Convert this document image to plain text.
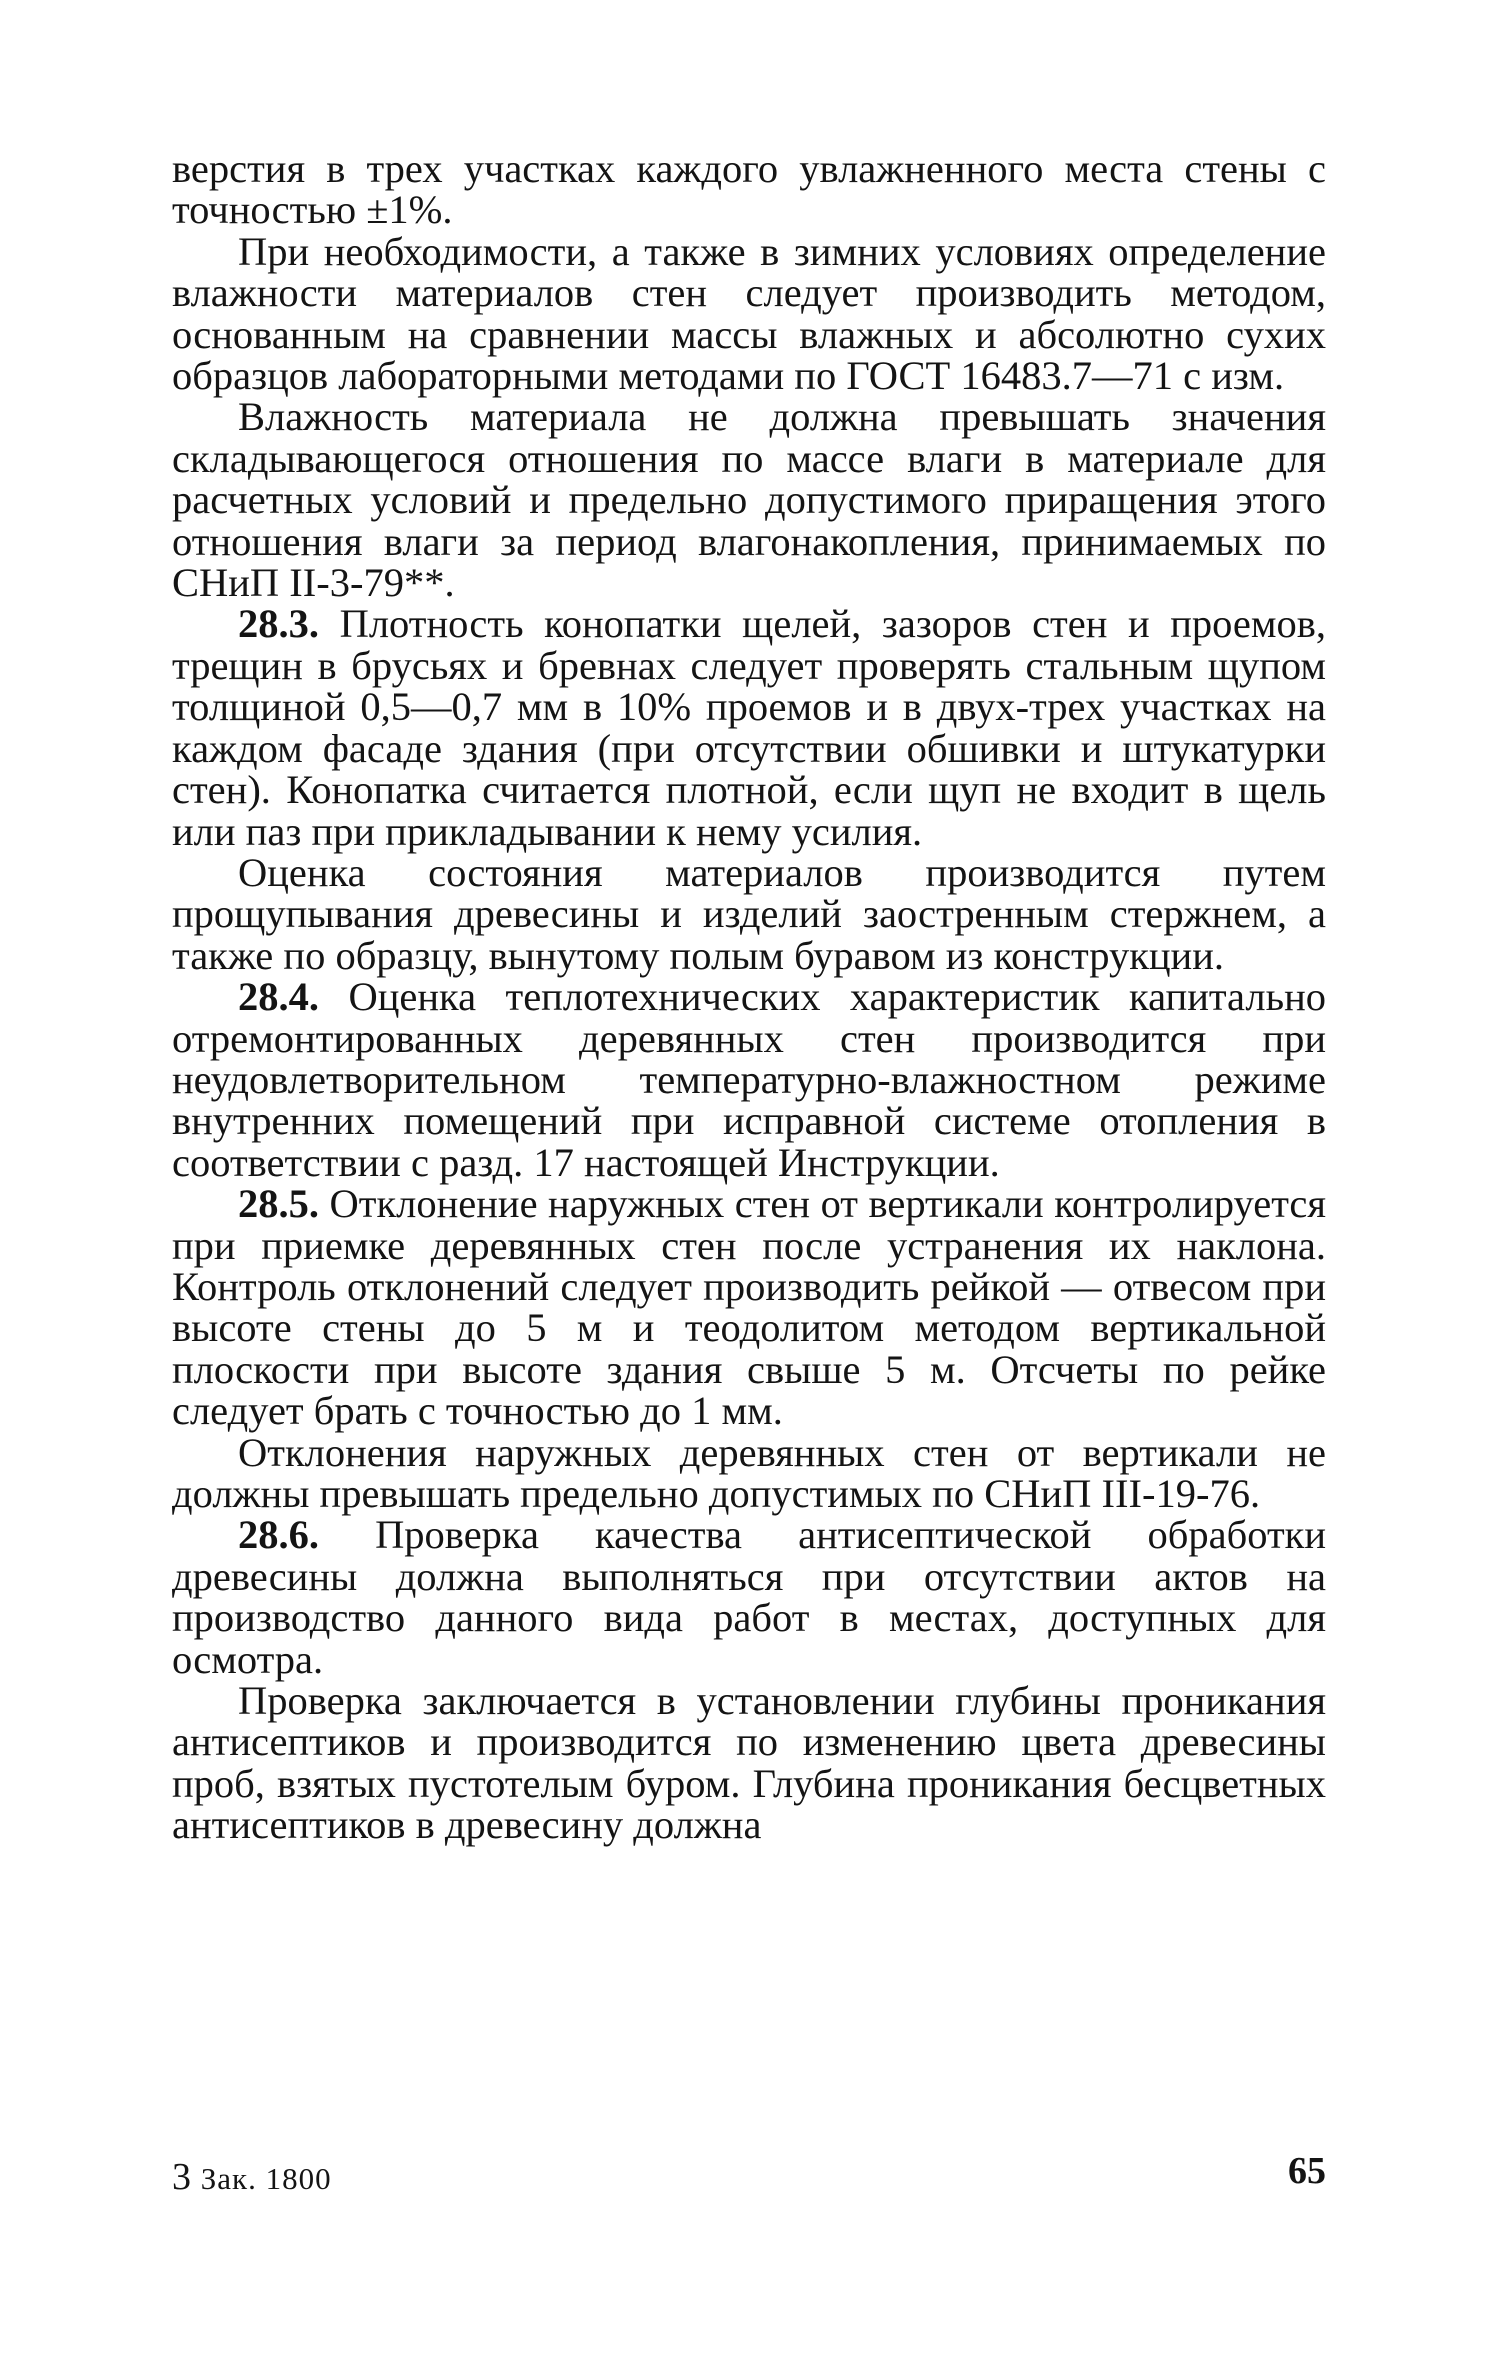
верстия в трех участках каждого увлажненного места стены с точностью ±1%.

При необходимости, а также в зимних условиях определение влажности материалов стен следует производить методом, основанным на сравнении массы влажных и абсолютно сухих образцов лабораторными методами по ГОСТ 16483.7—71 с изм.

Влажность материала не должна превышать значения складывающегося отношения по массе влаги в материале для расчетных условий и предельно допустимого приращения этого отношения влаги за период влагонакопления, принимаемых по СНиП II-3-79**.

28.3. Плотность конопатки щелей, зазоров стен и проемов, трещин в брусьях и бревнах следует проверять стальным щупом толщиной 0,5—0,7 мм в 10% проемов и в двух-трех участках на каждом фасаде здания (при отсутствии обшивки и штукатурки стен). Конопатка считается плотной, если щуп не входит в щель или паз при прикладывании к нему усилия.

Оценка состояния материалов производится путем прощупывания древесины и изделий заостренным стержнем, а также по образцу, вынутому полым буравом из конструкции.

28.4. Оценка теплотехнических характеристик капитально отремонтированных деревянных стен производится при неудовлетворительном температурно-влажностном режиме внутренних помещений при исправной системе отопления в соответствии с разд. 17 настоящей Инструкции.

28.5. Отклонение наружных стен от вертикали контролируется при приемке деревянных стен после устранения их наклона. Контроль отклонений следует производить рейкой — отвесом при высоте стены до 5 м и теодолитом методом вертикальной плоскости при высоте здания свыше 5 м. Отсчеты по рейке следует брать с точностью до 1 мм.

Отклонения наружных деревянных стен от вертикали не должны превышать предельно допустимых по СНиП III-19-76.

28.6. Проверка качества антисептической обработки древесины должна выполняться при отсутствии актов на производство данного вида работ в местах, доступных для осмотра.

Проверка заключается в установлении глубины проникания антисептиков и производится по изменению цвета древесины проб, взятых пустотелым буром. Глубина проникания бесцветных антисептиков в древесину должна

3 Зак. 1800	65
